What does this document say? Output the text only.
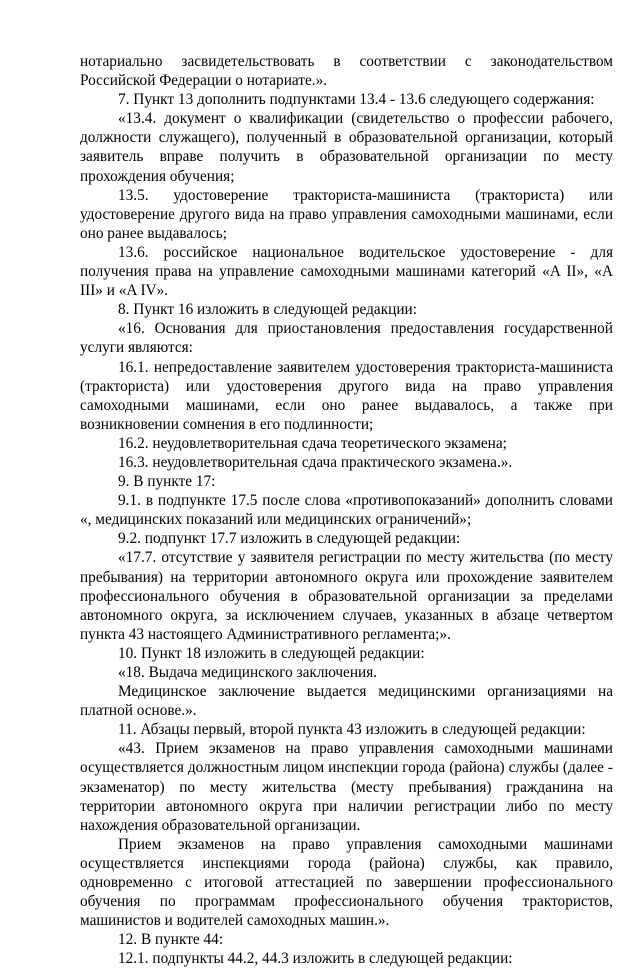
нотариально засвидетельствовать в соответствии с законодательством Российской Федерации о нотариате.».

7. Пункт 13 дополнить подпунктами 13.4 - 13.6 следующего содержания:

«13.4. документ о квалификации (свидетельство о профессии рабочего, должности служащего), полученный в образовательной организации, который заявитель вправе получить в образовательной организации по месту прохождения обучения;

13.5. удостоверение тракториста-машиниста (тракториста) или удостоверение другого вида на право управления самоходными машинами, если оно ранее выдавалось;

13.6. российское национальное водительское удостоверение - для получения права на управление самоходными машинами категорий «A II», «A III» и «A IV».

8. Пункт 16 изложить в следующей редакции:

«16. Основания для приостановления предоставления государственной услуги являются:

16.1. непредоставление заявителем удостоверения тракториста-машиниста (тракториста) или удостоверения другого вида на право управления самоходными машинами, если оно ранее выдавалось, а также при возникновении сомнения в его подлинности;

16.2. неудовлетворительная сдача теоретического экзамена;

16.3. неудовлетворительная сдача практического экзамена.».

9. В пункте 17:

9.1. в подпункте 17.5 после слова «противопоказаний» дополнить словами «, медицинских показаний или медицинских ограничений»;

9.2. подпункт 17.7 изложить в следующей редакции:

«17.7. отсутствие у заявителя регистрации по месту жительства (по месту пребывания) на территории автономного округа или прохождение заявителем профессионального обучения в образовательной организации за пределами автономного округа, за исключением случаев, указанных в абзаце четвертом пункта 43 настоящего Административного регламента;».

10. Пункт 18 изложить в следующей редакции:

«18. Выдача медицинского заключения.

Медицинское заключение выдается медицинскими организациями на платной основе.».

11. Абзацы первый, второй пункта 43 изложить в следующей редакции:

«43. Прием экзаменов на право управления самоходными машинами осуществляется должностным лицом инспекции города (района) службы (далее - экзаменатор) по месту жительства (месту пребывания) гражданина на территории автономного округа при наличии регистрации либо по месту нахождения образовательной организации.

Прием экзаменов на право управления самоходными машинами осуществляется инспекциями города (района) службы, как правило, одновременно с итоговой аттестацией по завершении профессионального обучения по программам профессионального обучения трактористов, машинистов и водителей самоходных машин.».

12. В пункте 44:

12.1. подпункты 44.2, 44.3 изложить в следующей редакции:
